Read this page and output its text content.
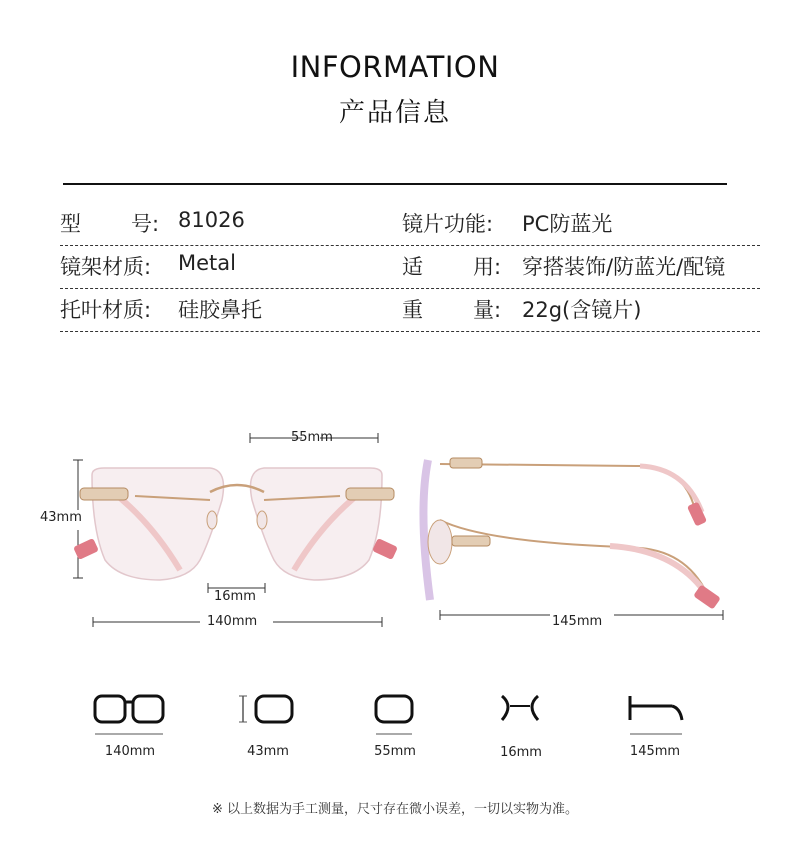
INFORMATION
产品信息
型 号: 81026	镜片功能: PC防蓝光
镜架材质: Metal	适 用: 穿搭装饰/防蓝光/配镜
托叶材质: 硅胶鼻托	重 量: 22g(含镜片)
55mm
43mm
16mm
140mm	145mm
140mm	43mm	55mm	16mm	145mm
※ 以上数据为手工测量，尺寸存在微小误差，一切以实物为准。
